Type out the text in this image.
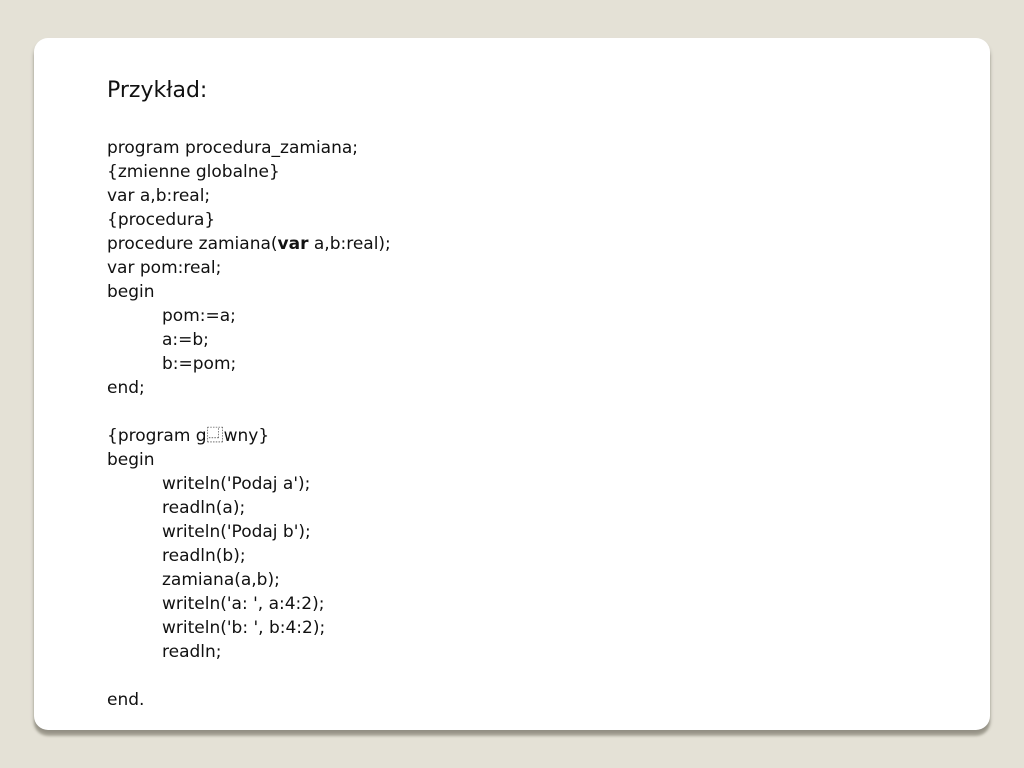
Przykład:
program procedura_zamiana;
{zmienne globalne}
var a,b:real;
{procedura}
procedure zamiana(var a,b:real);
var pom:real;
begin
pom:=a;
a:=b;
b:=pom;
end;
{program g⿽wny}
begin
writeln('Podaj a');
readln(a);
writeln('Podaj b');
readln(b);
zamiana(a,b);
writeln('a: ', a:4:2);
writeln('b: ', b:4:2);
readln;
end.
